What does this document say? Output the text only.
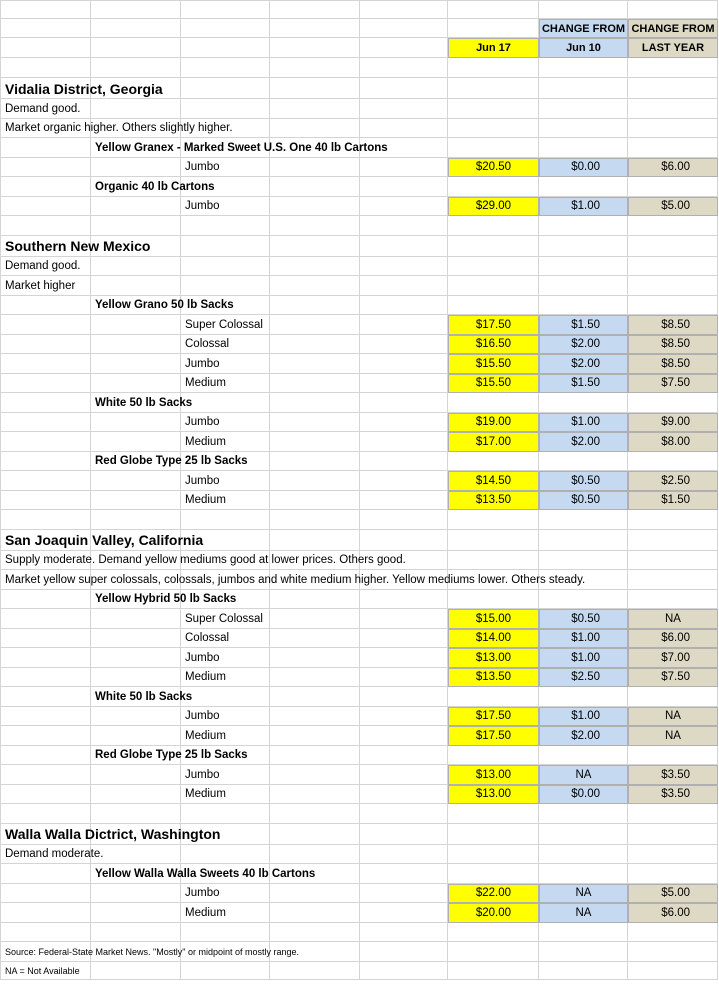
CHANGE FROM CHANGE FROM
Jun 17	Jun 10	LAST YEAR
Vidalia District, Georgia
Demand good.
Market organic higher. Others slightly higher.
Yellow Granex - Marked Sweet U.S. One 40 lb Cartons
Jumbo	$20.50	$0.00	$6.00
Organic 40 lb Cartons
Jumbo	$29.00	$1.00	$5.00
Southern New Mexico
Demand good.
Market higher
Yellow Grano 50 lb Sacks
Super Colossal	$17.50	$1.50	$8.50
Colossal	$16.50	$2.00	$8.50
Jumbo	$15.50	$2.00	$8.50
Medium	$15.50	$1.50	$7.50
White 50 lb Sacks
Jumbo	$19.00	$1.00	$9.00
Medium	$17.00	$2.00	$8.00
Red Globe Type 25 lb Sacks
Jumbo	$14.50	$0.50	$2.50
Medium	$13.50	$0.50	$1.50
San Joaquin Valley, California
Supply moderate. Demand yellow mediums good at lower prices. Others good.
Market yellow super colossals, colossals, jumbos and white medium higher. Yellow mediums lower. Others steady.
Yellow Hybrid 50 lb Sacks
Super Colossal	$15.00	$0.50	NA
Colossal	$14.00	$1.00	$6.00
Jumbo	$13.00	$1.00	$7.00
Medium	$13.50	$2.50	$7.50
White 50 lb Sacks
Jumbo	$17.50	$1.00	NA
Medium	$17.50	$2.00	NA
Red Globe Type 25 lb Sacks
Jumbo	$13.00	NA	$3.50
Medium	$13.00	$0.00	$3.50
Walla Walla Dictrict, Washington
Demand moderate.
Yellow Walla Walla Sweets 40 lb Cartons
Jumbo	$22.00	NA	$5.00
Medium	$20.00	NA	$6.00
Source: Federal-State Market News. "Mostly" or midpoint of mostly range.
NA = Not Available
